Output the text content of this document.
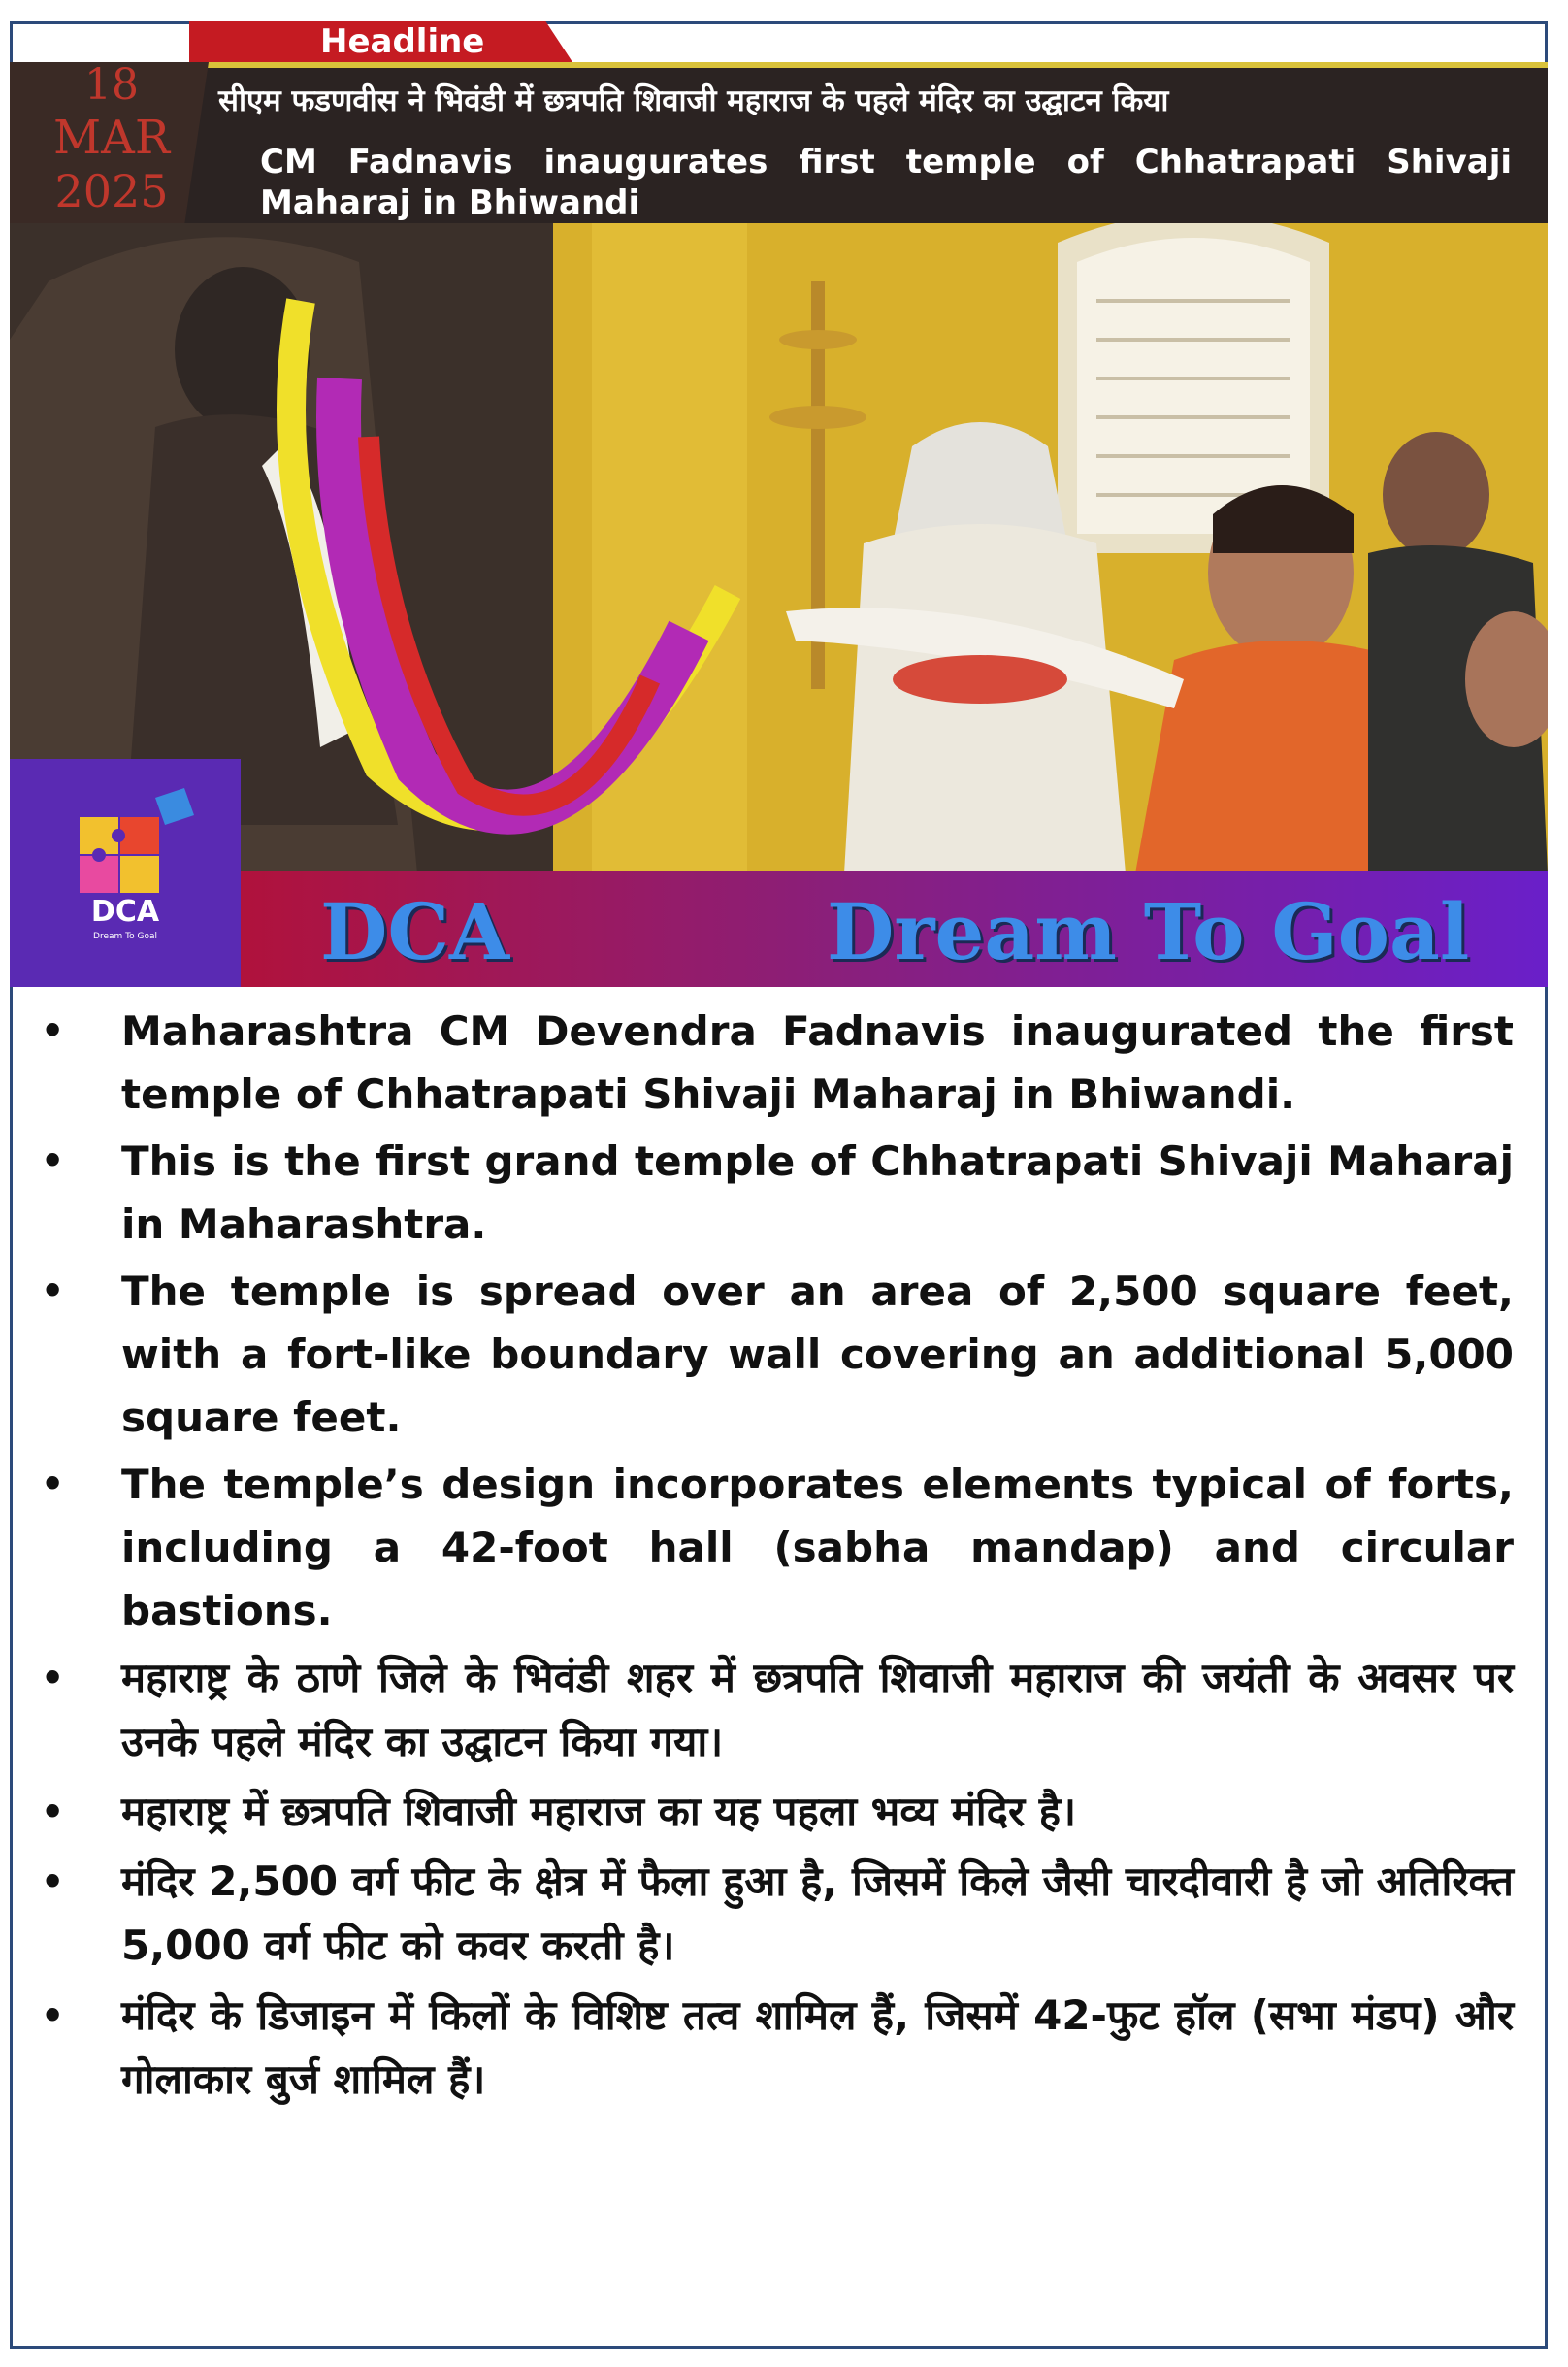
Headline
18
MAR
2025
सीएम फडणवीस ने भिवंडी में छत्रपति शिवाजी महाराज के पहले मंदिर का उद्घाटन किया
CM Fadnavis inaugurates first temple of Chhatrapati Shivaji Maharaj in Bhiwandi
DCA
Dream To Goal	DCA	Dream To Goal
• Maharashtra CM Devendra Fadnavis inaugurated the first temple of Chhatrapati Shivaji Maharaj in Bhiwandi.
• This is the first grand temple of Chhatrapati Shivaji Maharaj in Maharashtra.
• The temple is spread over an area of 2,500 square feet, with a fort-like boundary wall covering an additional 5,000 square feet.
• The temple’s design incorporates elements typical of forts, including a 42-foot hall (sabha mandap) and circular bastions.
• महाराष्ट्र के ठाणे जिले के भिवंडी शहर में छत्रपति शिवाजी महाराज की जयंती के अवसर पर उनके पहले मंदिर का उद्घाटन किया गया।
• महाराष्ट्र में छत्रपति शिवाजी महाराज का यह पहला भव्य मंदिर है।
• मंदिर 2,500 वर्ग फीट के क्षेत्र में फैला हुआ है, जिसमें किले जैसी चारदीवारी है जो अतिरिक्त 5,000 वर्ग फीट को कवर करती है।
• मंदिर के डिजाइन में किलों के विशिष्ट तत्व शामिल हैं, जिसमें 42-फुट हॉल (सभा मंडप) और गोलाकार बुर्ज शामिल हैं।
